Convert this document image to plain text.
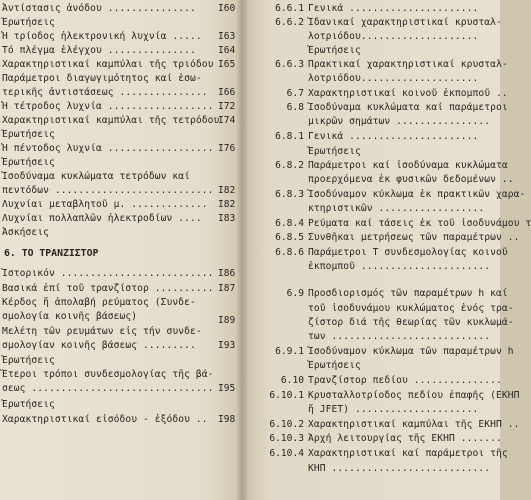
Ἀντίστασις ἀνόδου ............... Ι60
Ἐρωτήσεις
Ἡ τρίοδος ἠλεκτρονική λυχνία ..... Ι63
Τό πλέγμα ἐλέγχου ............... Ι64
Χαρακτηριστικαί καμπύλαι τῆς τριόδου Ι65
Παράμετροι διαγωγιμότητος καί ἐσω-
τερικῆς ἀντιστάσεως ............... Ι66
Ἡ τέτροδος λυχνία .................. Ι72
Χαρακτηριστικαί καμπύλαι τῆς τετρόδου
Ι74
Ἐρωτήσεις
Ἡ πέντοδος λυχνία .................. Ι76
Ἐρωτήσεις
Ἰσοδύναμα κυκλώματα τετρόδων καί
πεντόδων ........................... Ι82
Λυχνίαι μεταβλητοῦ μ. ............. Ι82
Λυχνίαι πολλαπλῶν ἠλεκτροδίων .... Ι83
Ἀσκήσεις
6. ΤΟ ΤΡΑΝΖΙΣΤΟΡ
Ἱστορικόν .......................... Ι86
Βασικά ἐπί τοῦ τρανζίστορ .......... Ι87
Κέρδος ἤ ἀπολαβή ρεύματος (Συνδε-
σμολογία κοινῆς βάσεως)	Ι89
Μελέτη τῶν ρευμάτων εἰς τήν συνδε-
σμολογίαν κοινῆς βάσεως ......... Ι93
Ἐρωτήσεις
Ἕτεροι τρόποι συνδεσμολογίας τῆς βά-
σεως ............................... Ι95
Ἐρωτήσεις
Χαρακτηριστικαί εἰσόδου - ἐξόδου .. Ι98
6.6.1 Γενικά ......................
6.6.2 Ἰδανικαί χαρακτηριστικαί κρυσταλ-
λοτριόδου....................
Ἐρωτήσεις
6.6.3 Πρακτικαί χαρακτηριστικαί κρυσταλ-
λοτριόδου....................
6.7 Χαρακτηριστικαί κοινοῦ ἐκπομποῦ ..
6.8 Ἰσοδύναμα κυκλώματα καί παράμετροι
μικρῶν σημάτων ................
6.8.1 Γενικά ......................
Ἐρωτήσεις
6.8.2 Παράμετροι καί ἰσοδύναμα κυκλώματα
προερχόμενα ἐκ φυσικῶν δεδομένων ..
6.8.3 Ἰσοδύναμον κύκλωμα ἐκ πρακτικῶν χαρα-
κτηριστικῶν ..................
6.8.4 Ρεύματα καί τάσεις ἐκ τοῦ ἰσοδυνάμου τ
6.8.5 Συνθῆκαι μετρήσεως τῶν παραμέτρων ..
6.8.6 Παράμετροι Τ συνδεσμολογίας κοινοῦ
ἐκπομποῦ ......................
6.9 Προσδιορισμός τῶν παραμέτρων h καί
τοῦ ἰσοδυνάμου κυκλώματος ἑνός τρα-
ζίστορ διά τῆς θεωρίας τῶν κυκλωμά-
των ...........................
6.9.1 Ἰσοδύναμον κύκλωμα τῶν παραμέτρων h
Ἐρωτήσεις
6.10 Τρανζίστορ πεδίου ...............
6.10.1 Κρυσταλλοτρίοδος πεδίου ἐπαφῆς (ΕΚΗΠ
ἤ JFET) .....................
6.10.2 Χαρακτηριστικαί καμπύλαι τῆς ΕΚΗΠ ..
6.10.3 Ἀρχή λειτουργίας τῆς ΕΚΗΠ .......
6.10.4 Χαρακτηριστικαί καί παράμετροι τῆς
ΚΗΠ ...........................
